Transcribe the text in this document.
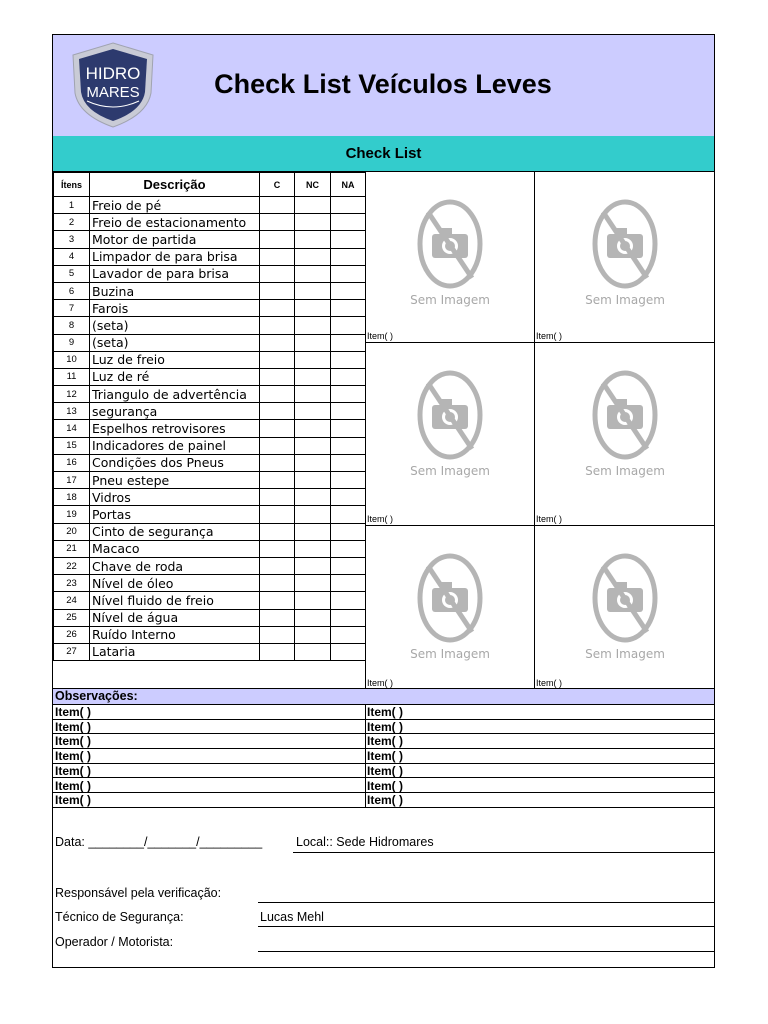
HIDRO
MARES	Check List Veículos Leves
Check List
Ítens	Descrição	C	NC	NA
1	Freio de pé			
2	Freio de estacionamento			
3	Motor de partida			
4	Limpador de para brisa			
5	Lavador de para brisa			
6	Buzina			
7	Farois			
8	(seta)			
9	(seta)			
10	Luz de freio			
11	Luz de ré			
12	Triangulo de advertência			
13	segurança			
14	Espelhos retrovisores			
15	Indicadores de painel			
16	Condições dos Pneus			
17	Pneu estepe			
18	Vidros			
19	Portas			
20	Cinto de segurança			
21	Macaco			
22	Chave de roda			
23	Nível de óleo			
24	Nível fluido de freio			
25	Nível de água			
26	Ruído Interno			
27	Lataria			
Item( )	Item( )
Item( )	Item( )
Item( )	Item( )
Observações:
Item( )	Item( )
Item( )	Item( )
Item( )	Item( )
Item( )	Item( )
Item( )	Item( )
Item( )	Item( )
Item( )	Item( )
Data: ________/_______/_________	Local:: Sede Hidromares
Responsável pela verificação:
Técnico de Segurança:	Lucas Mehl
Operador / Motorista:
